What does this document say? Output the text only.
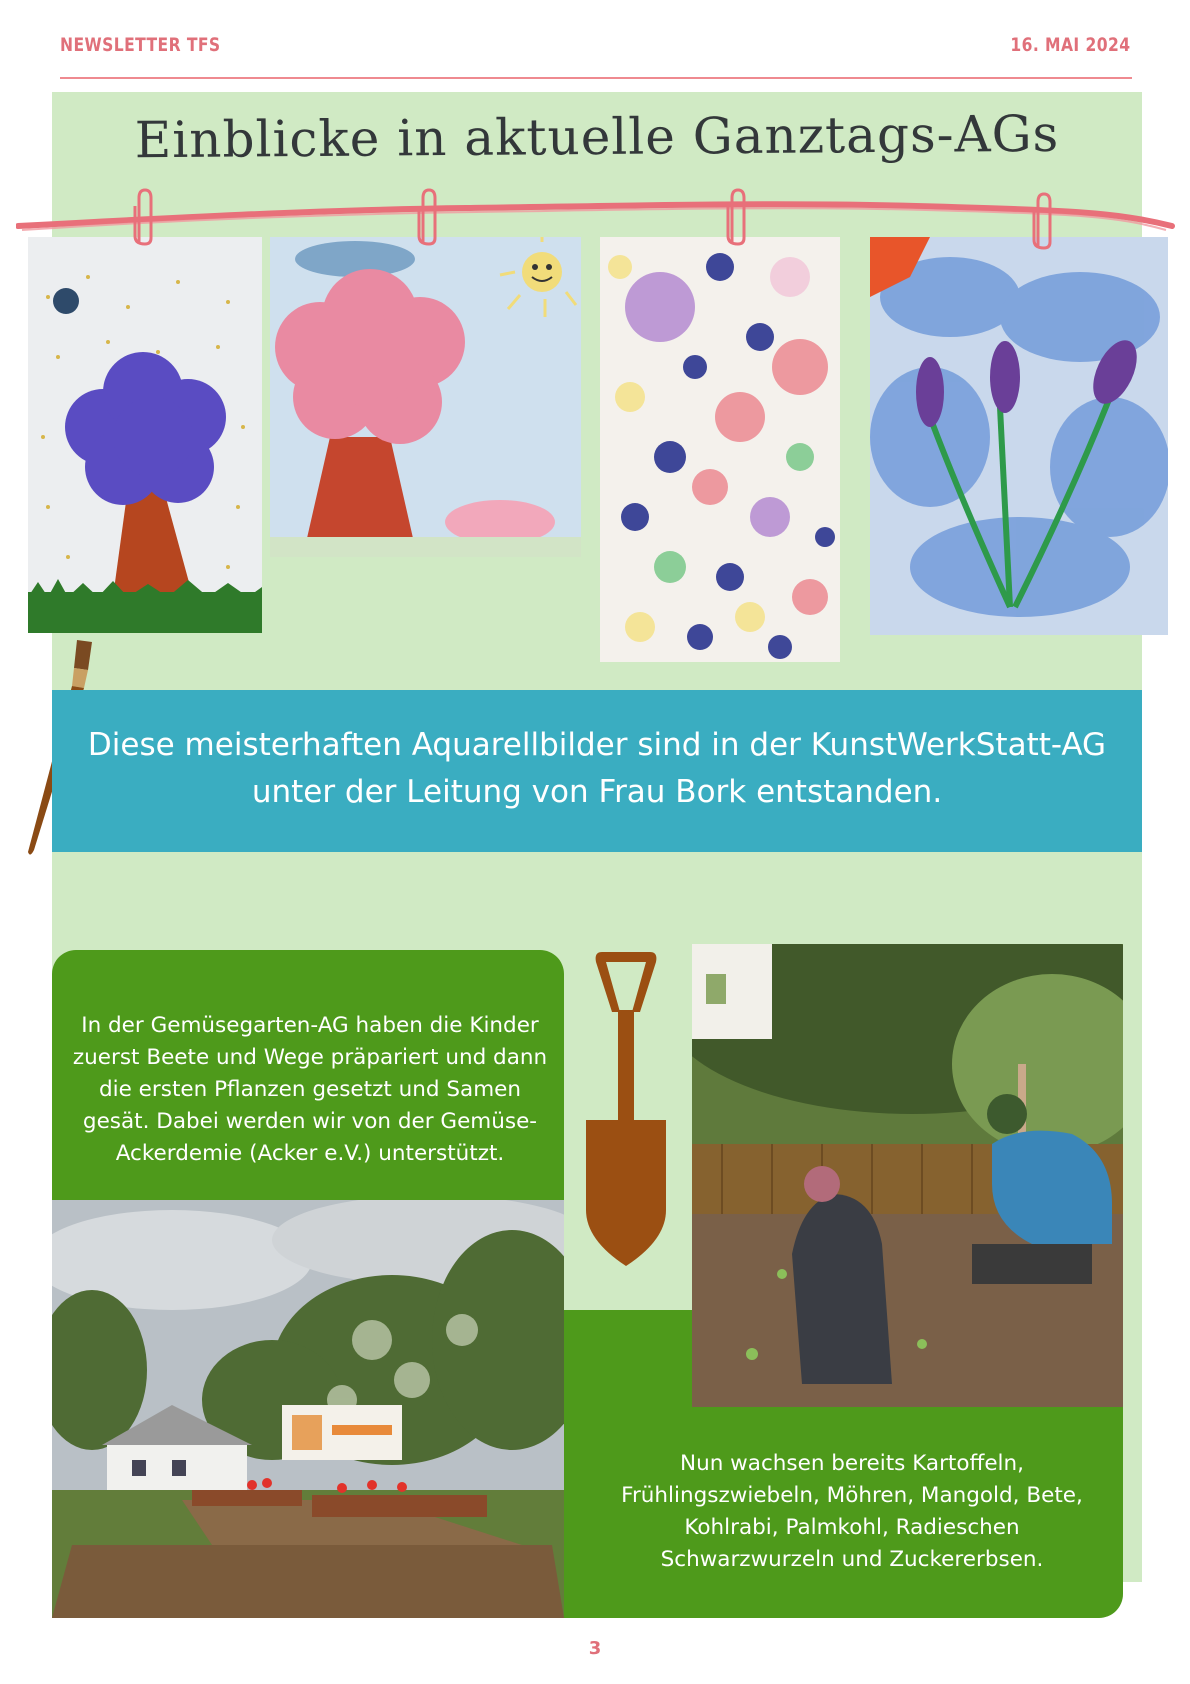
NEWSLETTER TFS	16. MAI 2024
Einblicke in aktuelle Ganztags-AGs
Diese meisterhaften Aquarellbilder sind in der KunstWerkStatt-AG
unter der Leitung von Frau Bork entstanden.
In der Gemüsegarten-AG haben die Kinder
zuerst Beete und Wege präpariert und dann
die ersten Pflanzen gesetzt und Samen
gesät. Dabei werden wir von der Gemüse-
Ackerdemie (Acker e.V.) unterstützt.
Nun wachsen bereits Kartoffeln,
Frühlingszwiebeln, Möhren, Mangold, Bete,
Kohlrabi, Palmkohl, Radieschen
Schwarzwurzeln und Zuckererbsen.
3
